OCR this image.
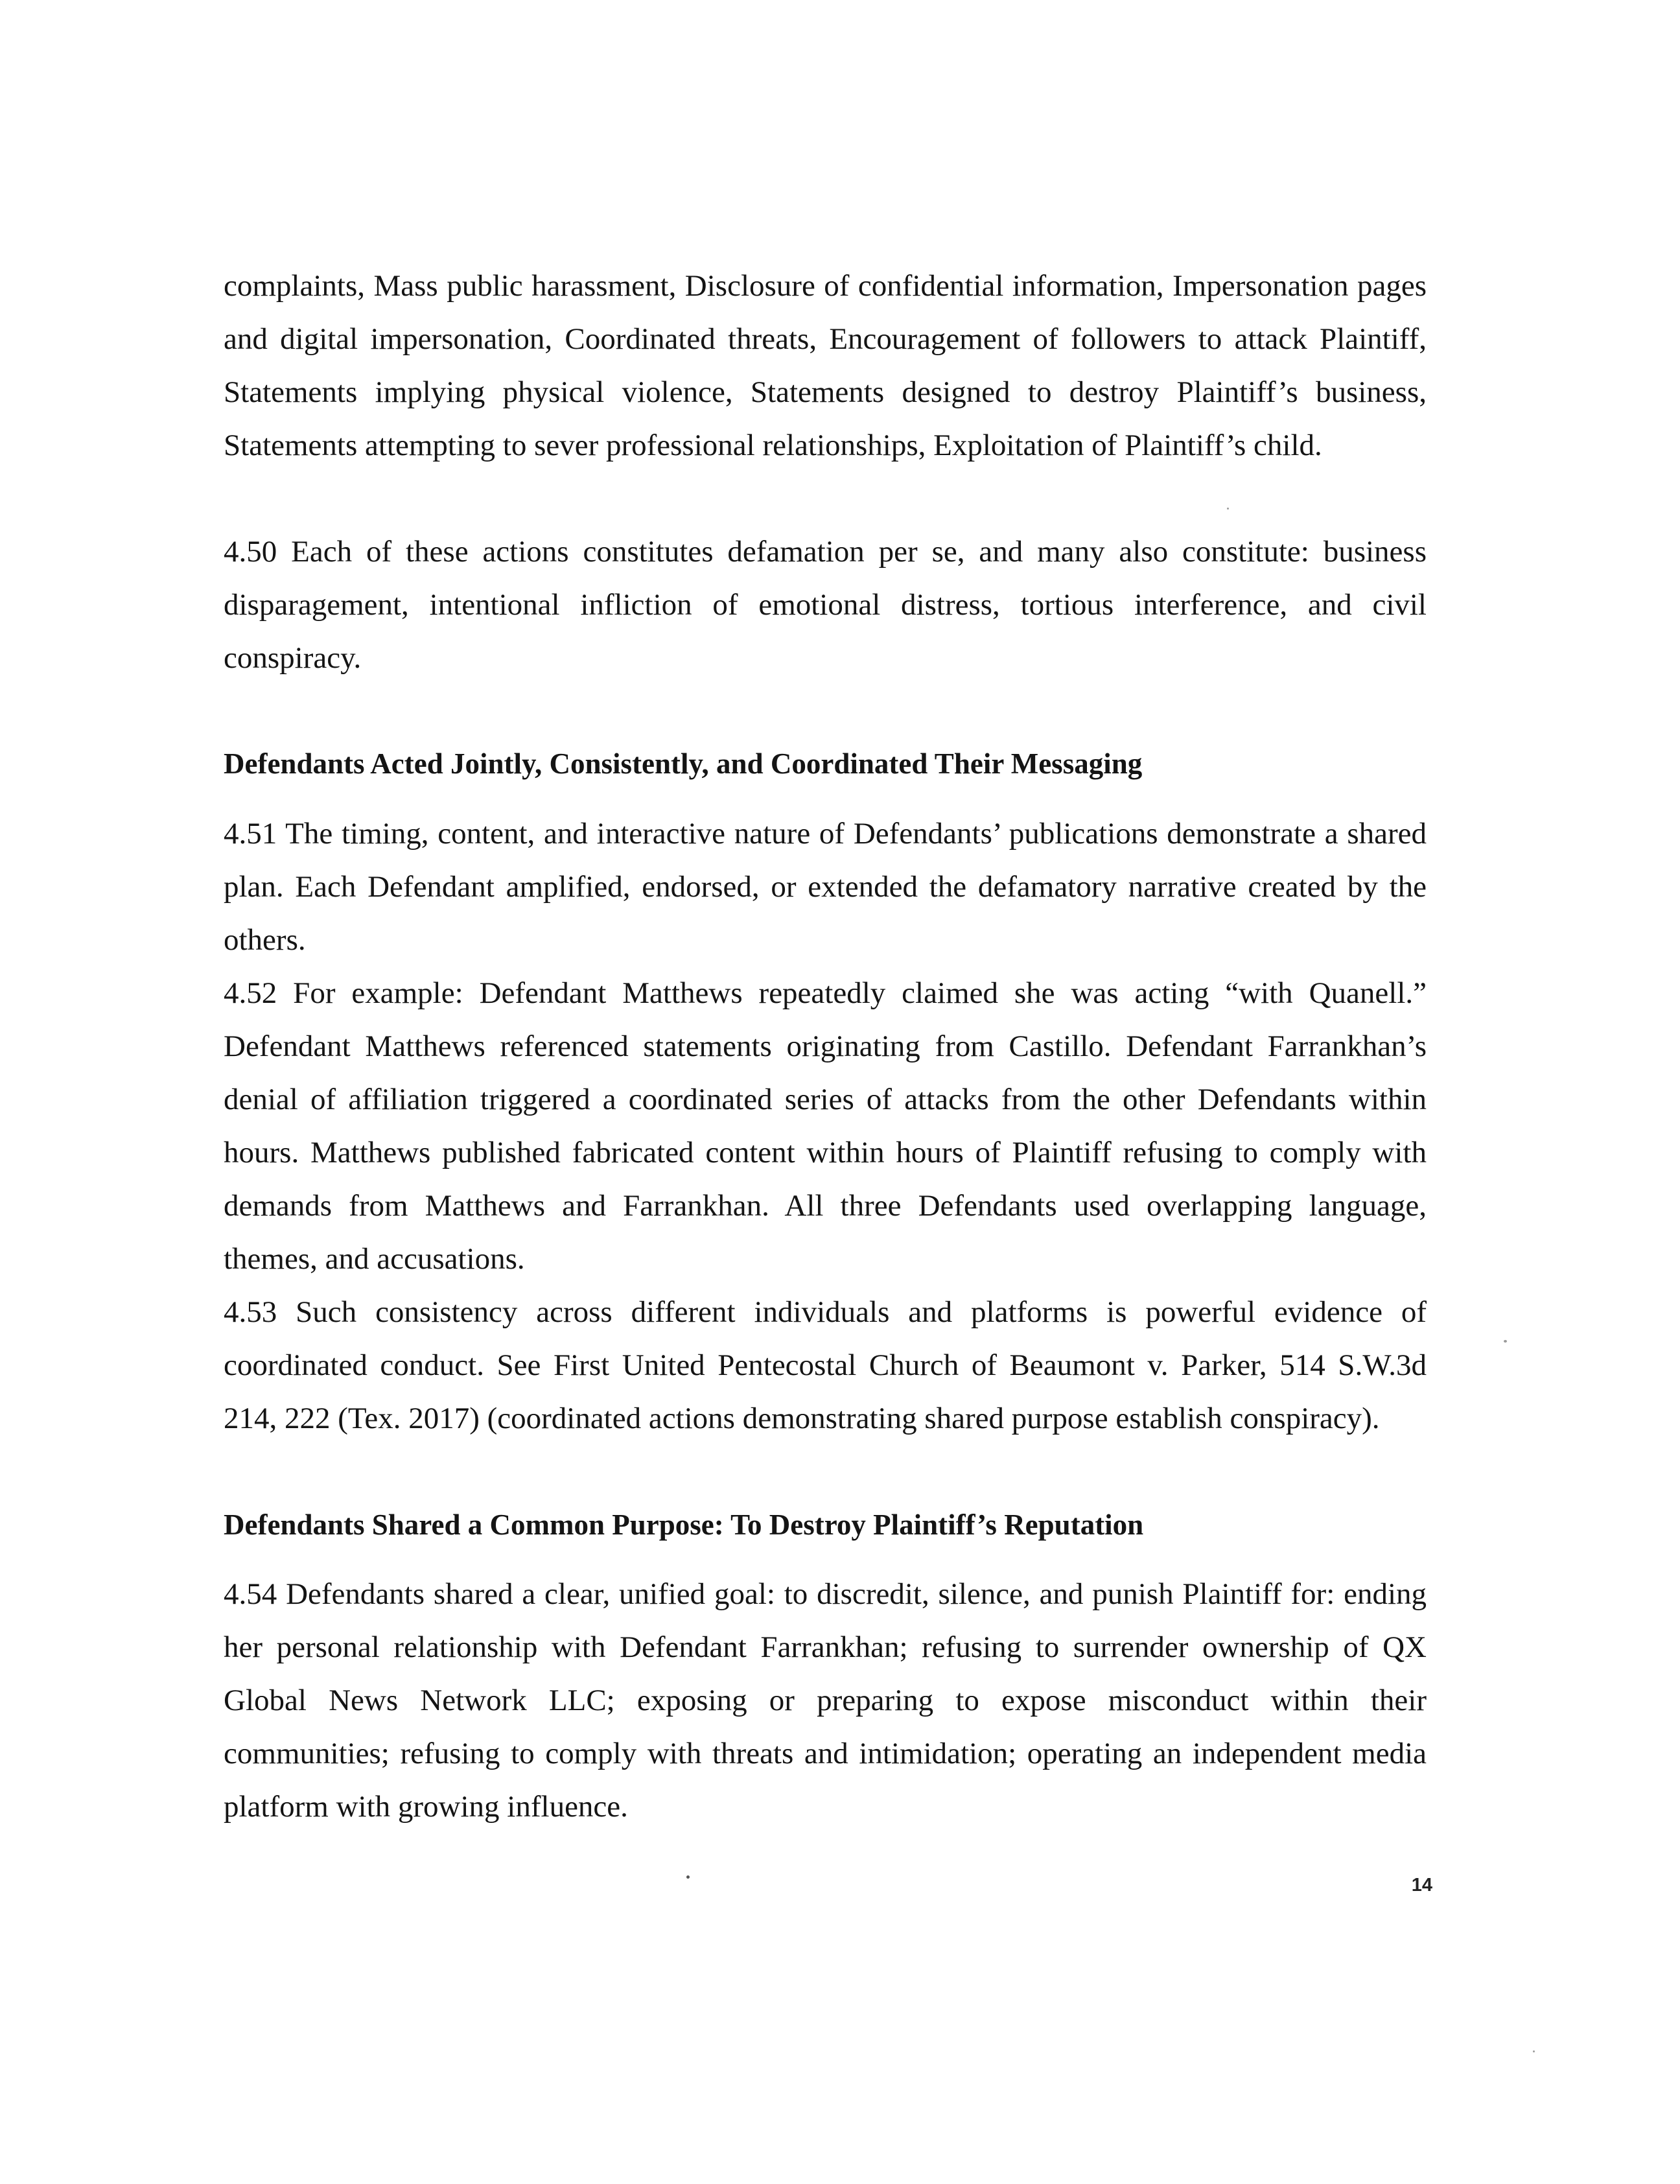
complaints, Mass public harassment, Disclosure of confidential information, Impersonation pages and digital impersonation, Coordinated threats, Encouragement of followers to attack Plaintiff, Statements implying physical violence, Statements designed to destroy Plaintiff’s business, Statements attempting to sever professional relationships, Exploitation of Plaintiff’s child.

4.50 Each of these actions constitutes defamation per se, and many also constitute: business disparagement, intentional infliction of emotional distress, tortious interference, and civil conspiracy.

Defendants Acted Jointly, Consistently, and Coordinated Their Messaging

4.51 The timing, content, and interactive nature of Defendants’ publications demonstrate a shared plan. Each Defendant amplified, endorsed, or extended the defamatory narrative created by the others.

4.52 For example: Defendant Matthews repeatedly claimed she was acting “with Quanell.” Defendant Matthews referenced statements originating from Castillo. Defendant Farrankhan’s denial of affiliation triggered a coordinated series of attacks from the other Defendants within hours. Matthews published fabricated content within hours of Plaintiff refusing to comply with demands from Matthews and Farrankhan. All three Defendants used overlapping language, themes, and accusations.

4.53 Such consistency across different individuals and platforms is powerful evidence of coordinated conduct. See First United Pentecostal Church of Beaumont v. Parker, 514 S.W.3d 214, 222 (Tex. 2017) (coordinated actions demonstrating shared purpose establish conspiracy).

Defendants Shared a Common Purpose: To Destroy Plaintiff’s Reputation

4.54 Defendants shared a clear, unified goal: to discredit, silence, and punish Plaintiff for: ending her personal relationship with Defendant Farrankhan; refusing to surrender ownership of QX Global News Network LLC; exposing or preparing to expose misconduct within their communities; refusing to comply with threats and intimidation; operating an independent media platform with growing influence.

14
